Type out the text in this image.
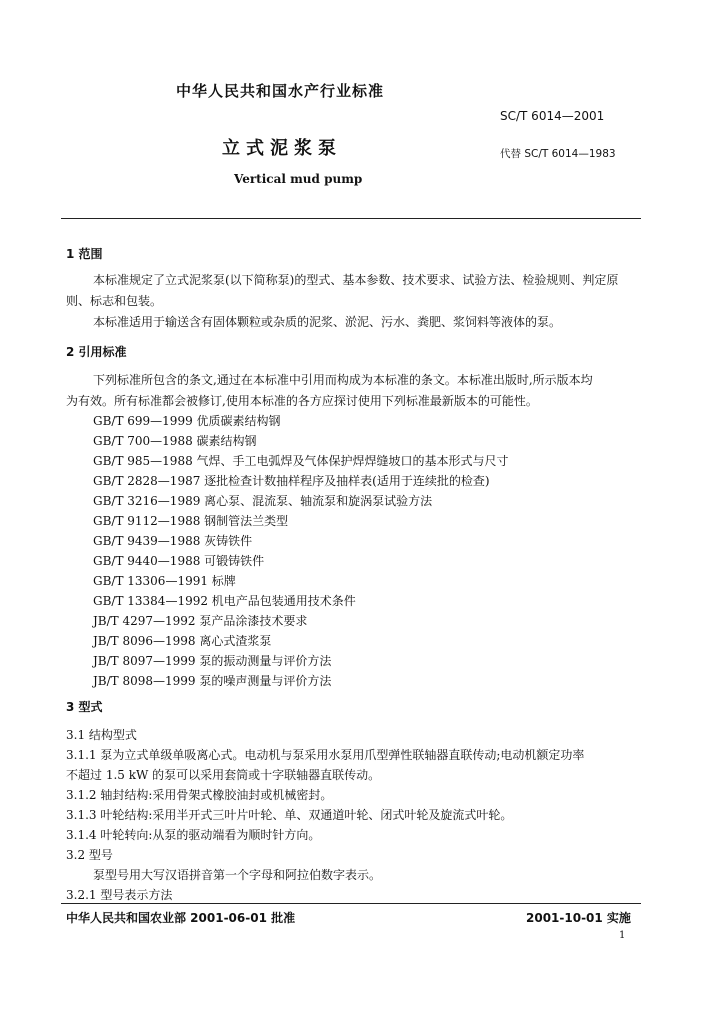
中华人民共和国水产行业标准
SC/T 6014—2001
立式泥浆泵	代替 SC/T 6014—1983
Vertical mud pump
1 范围
本标准规定了立式泥浆泵(以下简称泵)的型式、基本参数、技术要求、试验方法、检验规则、判定原
则、标志和包装。
本标准适用于输送含有固体颗粒或杂质的泥浆、淤泥、污水、粪肥、浆饲料等液体的泵。
2 引用标准
下列标准所包含的条文,通过在本标准中引用而构成为本标准的条文。本标准出版时,所示版本均
为有效。所有标准都会被修订,使用本标准的各方应探讨使用下列标准最新版本的可能性。
GB/T 699—1999 优质碳素结构钢
GB/T 700—1988 碳素结构钢
GB/T 985—1988 气焊、手工电弧焊及气体保护焊焊缝坡口的基本形式与尺寸
GB/T 2828—1987 逐批检查计数抽样程序及抽样表(适用于连续批的检查)
GB/T 3216—1989 离心泵、混流泵、轴流泵和旋涡泵试验方法
GB/T 9112—1988 钢制管法兰类型
GB/T 9439—1988 灰铸铁件
GB/T 9440—1988 可锻铸铁件
GB/T 13306—1991 标牌
GB/T 13384—1992 机电产品包装通用技术条件
JB/T 4297—1992 泵产品涂漆技术要求
JB/T 8096—1998 离心式渣浆泵
JB/T 8097—1999 泵的振动测量与评价方法
JB/T 8098—1999 泵的噪声测量与评价方法
3 型式
3.1 结构型式
3.1.1 泵为立式单级单吸离心式。电动机与泵采用水泵用爪型弹性联轴器直联传动;电动机额定功率
不超过 1.5 kW 的泵可以采用套筒或十字联轴器直联传动。
3.1.2 轴封结构:采用骨架式橡胶油封或机械密封。
3.1.3 叶轮结构:采用半开式三叶片叶轮、单、双通道叶轮、闭式叶轮及旋流式叶轮。
3.1.4 叶轮转向:从泵的驱动端看为顺时针方向。
3.2 型号
泵型号用大写汉语拼音第一个字母和阿拉伯数字表示。
3.2.1 型号表示方法
中华人民共和国农业部 2001-06-01 批准	2001-10-01 实施
1
